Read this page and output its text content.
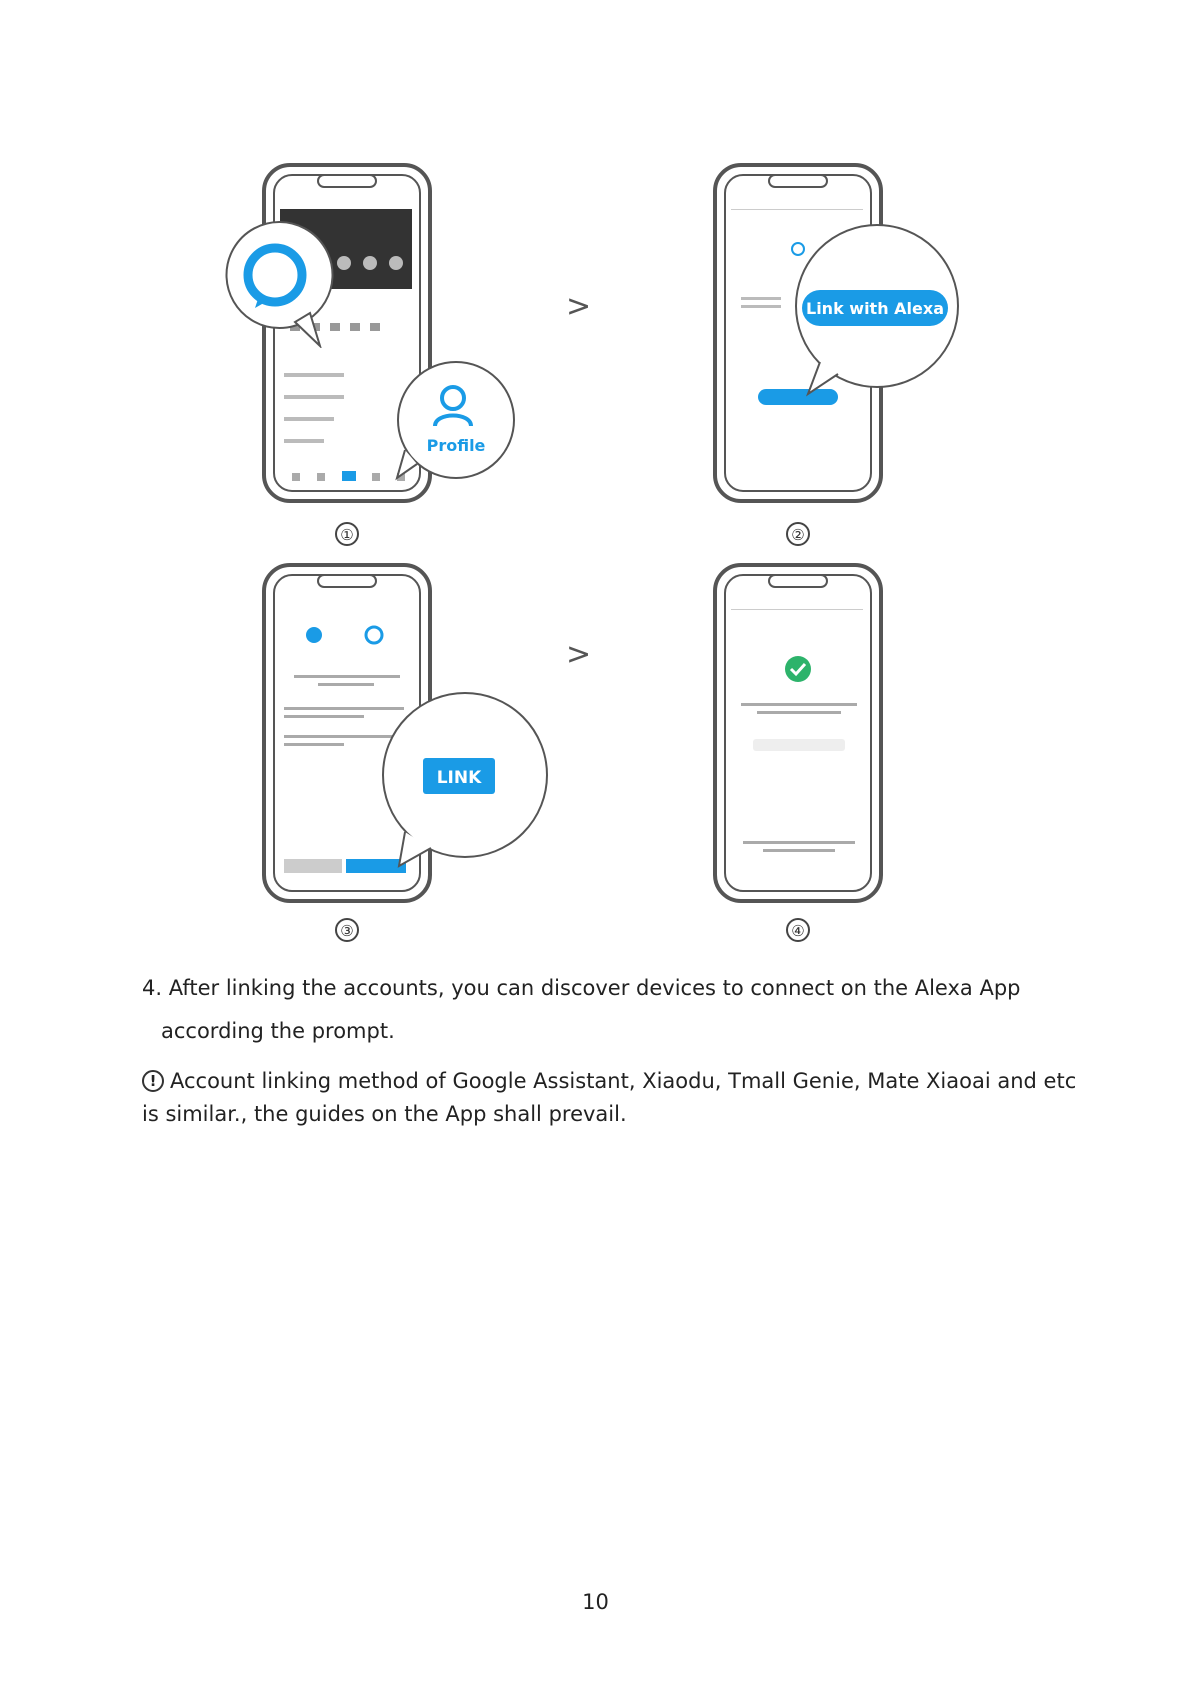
Profile
①
>	Link with Alexa
②
LINK
③
>
④
4. After linking the accounts, you can discover devices to connect on the Alexa App
according the prompt.
! Account linking method of Google Assistant, Xiaodu, Tmall Genie, Mate Xiaoai and etc
is similar., the guides on the App shall prevail.
10
